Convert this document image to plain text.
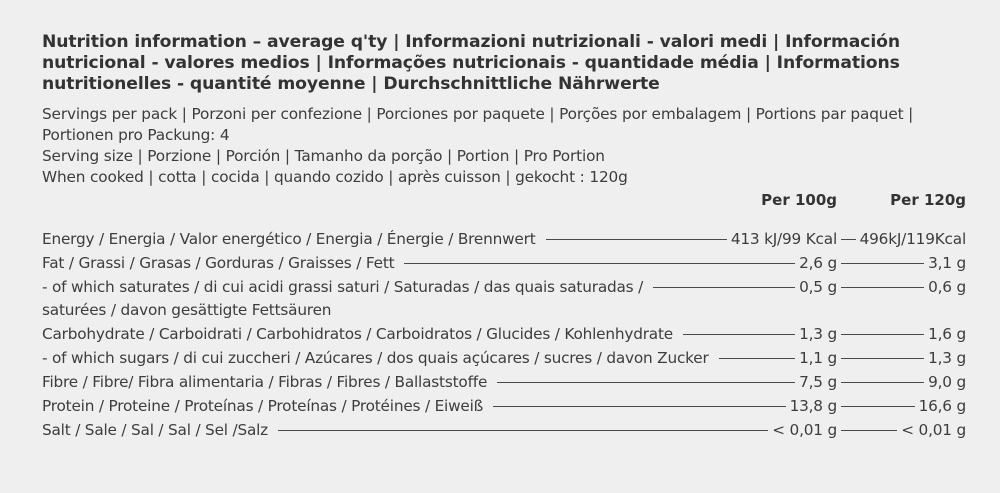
Nutrition information – average q'ty | Informazioni nutrizionali - valori medi | Información nutricional - valores medios | Informações nutricionais - quantidade média | Informations nutritionelles - quantité moyenne | Durchschnittliche Nährwerte
Servings per pack | Porzoni per confezione | Porciones por paquete | Porções por embalagem | Portions par paquet | Portionen pro Packung: 4
Serving size | Porzione | Porción | Tamanho da porção | Portion | Pro Portion
When cooked | cotta | cocida | quando cozido | après cuisson | gekocht : 120g
Per 100g	Per 120g
Energy / Energia / Valor energético / Energia / Énergie / Brennwert	413 kJ/99 Kcal 496kJ/119Kcal
Fat / Grassi / Grasas / Gorduras / Graisses / Fett	2,6 g	3,1 g
- of which saturates / di cui acidi grassi saturi / Saturadas / das quais saturadas /
saturées / davon gesättigte Fettsäuren
0,5 g	0,6 g
Carbohydrate / Carboidrati / Carbohidratos / Carboidratos / Glucides / Kohlenhydrate	1,3 g	1,6 g
- of which sugars / di cui zuccheri / Azúcares / dos quais açúcares / sucres / davon Zucker	1,1 g	1,3 g
Fibre / Fibre/ Fibra alimentaria / Fibras / Fibres / Ballaststoffe	7,5 g	9,0 g
Protein / Proteine / Proteínas / Proteínas / Protéines / Eiweiß	13,8 g	16,6 g
Salt / Sale / Sal / Sal / Sel /Salz	< 0,01 g	< 0,01 g
